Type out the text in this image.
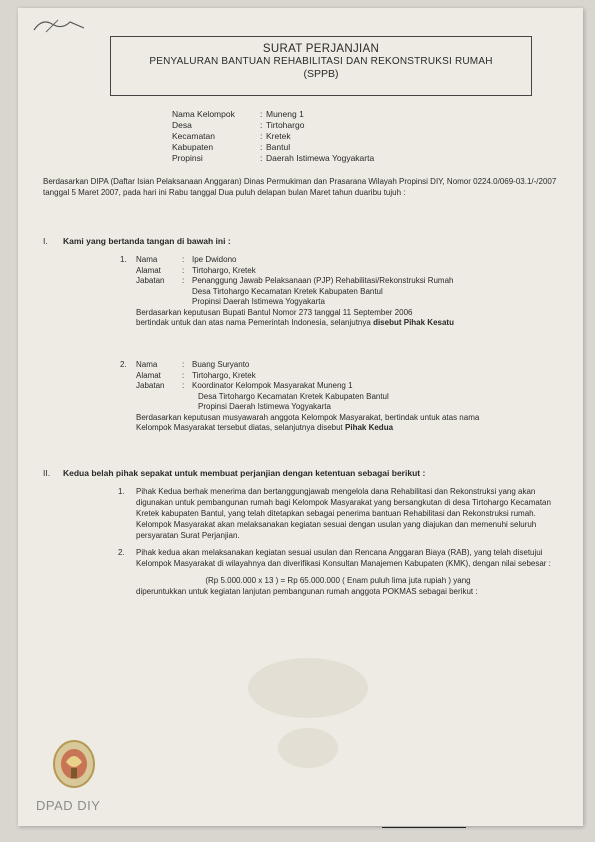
SURAT PERJANJIAN
PENYALURAN BANTUAN REHABILITASI DAN REKONSTRUKSI RUMAH
(SPPB)
Nama Kelompok	: Muneng 1
Desa	: Tirtohargo
Kecamatan	: Kretek
Kabupaten	: Bantul
Propinsi	: Daerah Istimewa Yogyakarta
Berdasarkan DIPA (Daftar Isian Pelaksanaan Anggaran) Dinas Permukiman dan Prasarana Wilayah Propinsi DIY, Nomor 0224.0/069-03.1/-/2007 tanggal 5 Maret 2007, pada hari ini Rabu tanggal Dua puluh delapan bulan Maret tahun duaribu tujuh :
I. Kami yang bertanda tangan di bawah ini :
1.	Nama	: Ipe Dwidono
Alamat	: Tirtohargo, Kretek
Jabatan	: Penanggung Jawab Pelaksanaan (PJP) Rehabilitasi/Rekonstruksi Rumah
Desa Tirtohargo Kecamatan Kretek Kabupaten Bantul
Propinsi Daerah Istimewa Yogyakarta
Berdasarkan keputusan Bupati Bantul Nomor 273 tanggal 11 September 2006
bertindak untuk dan atas nama Pemerintah Indonesia, selanjutnya disebut Pihak Kesatu
2.	Nama	: Buang Suryanto
Alamat	: Tirtohargo, Kretek
Jabatan	: Koordinator Kelompok Masyarakat Muneng 1
Desa Tirtohargo Kecamatan Kretek Kabupaten Bantul
Propinsi Daerah Istimewa Yogyakarta
Berdasarkan keputusan musyawarah anggota Kelompok Masyarakat, bertindak untuk atas nama
Kelompok Masyarakat tersebut diatas, selanjutnya disebut Pihak Kedua
II. Kedua belah pihak sepakat untuk membuat perjanjian dengan ketentuan sebagai berikut :
1.	Pihak Kedua berhak menerima dan bertanggungjawab mengelola dana Rehabilitasi dan Rekonstruksi yang akan digunakan untuk pembangunan rumah bagi Kelompok Masyarakat yang bersangkutan di desa Tirtohargo Kecamatan Kretek kabupaten Bantul, yang telah ditetapkan sebagai penerima bantuan Rehabilitasi dan Rekonstruksi rumah. Kelompok Masyarakat akan melaksanakan kegiatan sesuai dengan usulan yang diajukan dan memenuhi seluruh persyaratan Surat Perjanjian.
2.	Pihak kedua akan melaksanakan kegiatan sesuai usulan dan Rencana Anggaran Biaya (RAB), yang telah disetujui Kelompok Masyarakat di wilayahnya dan diverifikasi Konsultan Manajemen Kabupaten (KMK), dengan nilai sebesar :
(Rp 5.000.000 x 13 ) = Rp 65.000.000 ( Enam puluh lima juta rupiah ) yang
diperuntukkan untuk kegiatan lanjutan pembangunan rumah anggota POKMAS sebagai berikut :
DPAD DIY
